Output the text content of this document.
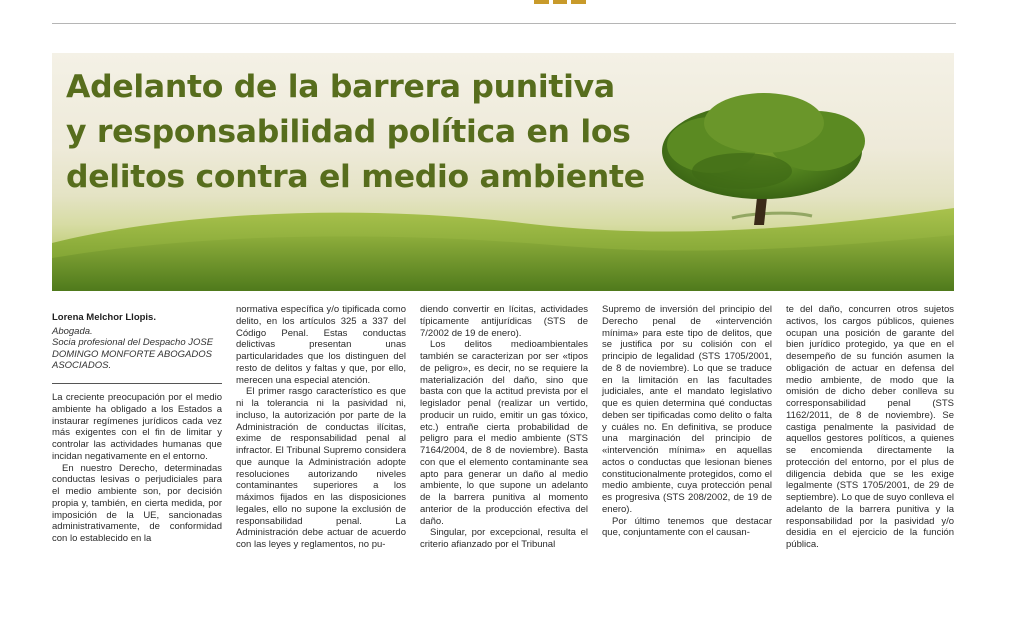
Adelanto de la barrera punitiva
y responsabilidad política en los
delitos contra el medio ambiente
Lorena Melchor Llopis.
Abogada.
Socia profesional del Despacho JOSE DOMINGO MONFORTE ABOGADOS ASOCIADOS.

La creciente preocupación por el medio ambiente ha obligado a los Estados a instaurar regímenes jurídicos cada vez más exigentes con el fin de limitar y controlar las actividades humanas que incidan negativamente en el entorno.

En nuestro Derecho, determinadas conductas lesivas o perjudiciales para el medio ambiente son, por decisión propia y, también, en cierta medida, por imposición de la UE, sancionadas administrativamente, de conformidad con lo establecido en la

normativa específica y/o tipificada como delito, en los artículos 325 a 337 del Código Penal. Estas conductas delictivas presentan unas particularidades que los distinguen del resto de delitos y faltas y que, por ello, merecen una especial atención.

El primer rasgo característico es que ni la tolerancia ni la pasividad ni, incluso, la autorización por parte de la Administración de conductas ilícitas, exime de responsabilidad penal al infractor. El Tribunal Supremo considera que aunque la Administración adopte resoluciones autorizando niveles contaminantes superiores a los máximos fijados en las disposiciones legales, ello no supone la exclusión de responsabilidad penal. La Administración debe actuar de acuerdo con las leyes y reglamentos, no pu-

diendo convertir en lícitas, actividades típicamente antijurídicas (STS de 7/2002 de 19 de enero).

Los delitos medioambientales también se caracterizan por ser «tipos de peligro», es decir, no se requiere la materialización del daño, sino que basta con que la actitud prevista por el legislador penal (realizar un vertido, producir un ruido, emitir un gas tóxico, etc.) entrañe cierta probabilidad de peligro para el medio ambiente (STS 7164/2004, de 8 de noviembre). Basta con que el elemento contaminante sea apto para generar un daño al medio ambiente, lo que supone un adelanto de la barrera punitiva al momento anterior de la producción efectiva del daño.

Singular, por excepcional, resulta el criterio afianzado por el Tribunal

Supremo de inversión del principio del Derecho penal de «intervención mínima» para este tipo de delitos, que se justifica por su colisión con el principio de legalidad (STS 1705/2001, de 8 de noviembre). Lo que se traduce en la limitación en las facultades judiciales, ante el mandato legislativo que es quien determina qué conductas deben ser tipificadas como delito o falta y cuáles no. En definitiva, se produce una marginación del principio de «intervención mínima» en aquellas actos o conductas que lesionan bienes constitucionalmente protegidos, como el medio ambiente, cuya protección penal es progresiva (STS 208/2002, de 19 de enero).

Por último tenemos que destacar que, conjuntamente con el causan-

te del daño, concurren otros sujetos activos, los cargos públicos, quienes ocupan una posición de garante del bien jurídico protegido, ya que en el desempeño de su función asumen la obligación de actuar en defensa del medio ambiente, de modo que la omisión de dicho deber conlleva su corresponsabilidad penal (STS 1162/2011, de 8 de noviembre). Se castiga penalmente la pasividad de aquellos gestores políticos, a quienes se encomienda directamente la protección del entorno, por el plus de diligencia debida que se les exige legalmente (STS 1705/2001, de 29 de septiembre). Lo que de suyo conlleva el adelanto de la barrera punitiva y la responsabilidad por la pasividad y/o desidia en el ejercicio de la función pública.
